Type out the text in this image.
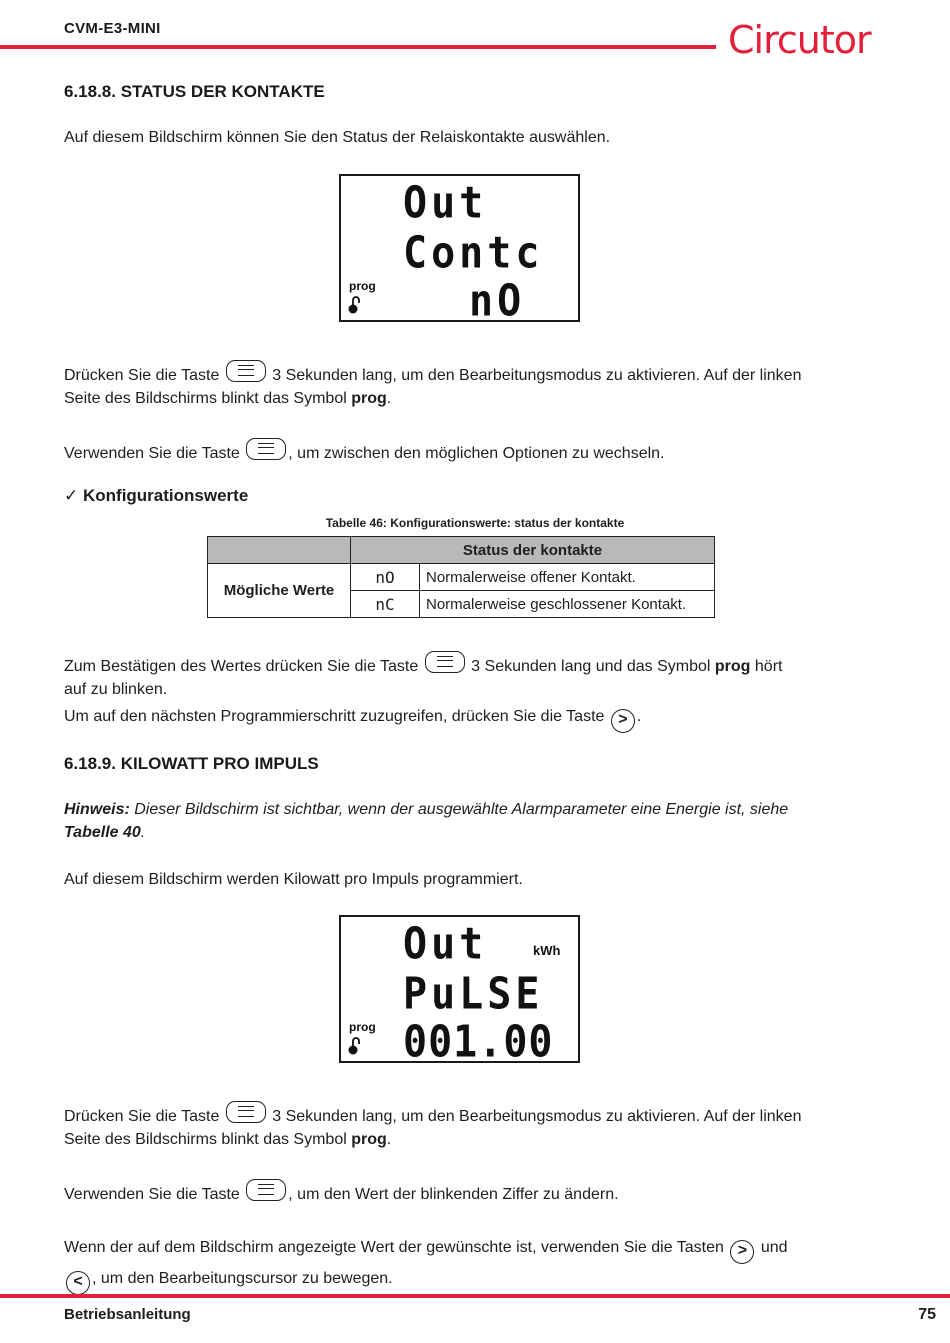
CVM-E3-MINI	Circutor
6.18.8. STATUS DER KONTAKTE
Auf diesem Bildschirm können Sie den Status der Relaiskontakte auswählen.
Out
Contc
prog nO
Drücken Sie die Taste	3 Sekunden lang, um den Bearbeitungsmodus zu aktivieren. Auf der linken
Seite des Bildschirms blinkt das Symbol prog.
Verwenden Sie die Taste	, um zwischen den möglichen Optionen zu wechseln.
✓ Konfigurationswerte
Tabelle 46: Konfigurationswerte: status der kontakte
	Status der kontakte	
Mögliche Werte	nO	Normalerweise offener Kontakt.
	nC	Normalerweise geschlossener Kontakt.
Zum Bestätigen des Wertes drücken Sie die Taste	3 Sekunden lang und das Symbol prog hört
auf zu blinken.
Um auf den nächsten Programmierschritt zuzugreifen, drücken Sie die Taste > .
6.18.9. KILOWATT PRO IMPULS
Hinweis: Dieser Bildschirm ist sichtbar, wenn der ausgewählte Alarmparameter eine Energie ist, siehe
Tabelle 40.
Auf diesem Bildschirm werden Kilowatt pro Impuls programmiert.
Out	kWh
PuLSE
prog 001.00
Drücken Sie die Taste	3 Sekunden lang, um den Bearbeitungsmodus zu aktivieren. Auf der linken
Seite des Bildschirms blinkt das Symbol prog.
Verwenden Sie die Taste	, um den Wert der blinkenden Ziffer zu ändern.
Wenn der auf dem Bildschirm angezeigte Wert der gewünschte ist, verwenden Sie die Tasten > und
< , um den Bearbeitungscursor zu bewegen.
Betriebsanleitung	75
